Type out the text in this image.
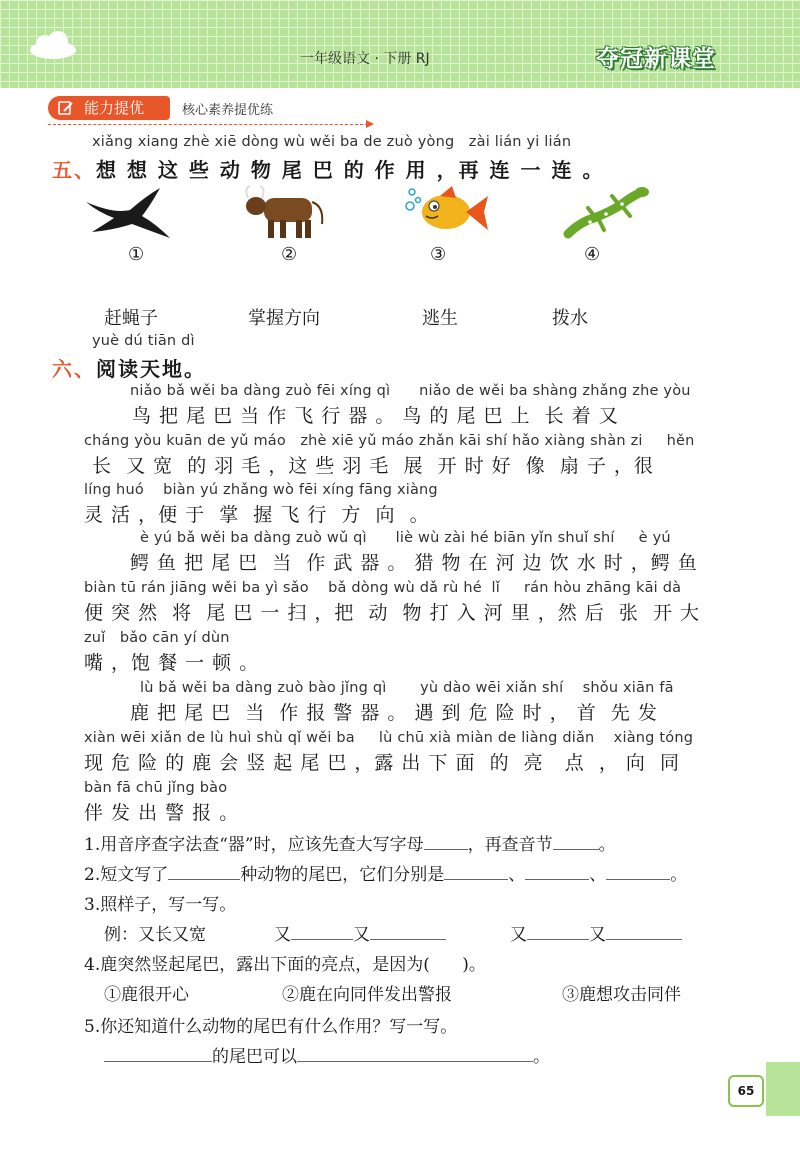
一年级语文 · 下册 RJ	夺冠新课堂
能力提优	核心素养提优练
xiǎng xiang zhè xiē dòng wù wěi ba de zuò yòng   zài lián yi lián
五、想 想 这 些 动 物 尾 巴 的 作 用 ，再 连 一 连 。
①	②	③	④
赶蝇子	掌握方向	逃生	拨水
yuè dú tiān dì
六、阅读天地。
niǎo bǎ wěi ba dàng zuò fēi xíng qì      niǎo de wěi ba shàng zhǎng zhe yòu
鸟 把 尾 巴 当 作 飞 行 器 。 鸟 的 尾 巴 上  长 着 又
cháng yòu kuān de yǔ máo   zhè xiē yǔ máo zhǎn kāi shí hǎo xiàng shàn zi     hěn
长  又 宽  的 羽 毛 ，这 些 羽 毛  展  开 时 好  像  扇 子 ，很
líng huó    biàn yú zhǎng wò fēi xíng fāng xiàng
灵 活 ，便 于  掌  握 飞 行  方  向  。
è yú bǎ wěi ba dàng zuò wǔ qì      liè wù zài hé biān yǐn shuǐ shí     è yú
鳄 鱼 把 尾 巴  当  作 武 器 。 猎 物 在 河 边 饮 水 时 ，鳄 鱼
biàn tū rán jiāng wěi ba yì sǎo    bǎ dòng wù dǎ rù hé  lǐ     rán hòu zhāng kāi dà
便 突 然  将  尾 巴 一 扫 ，把  动  物 打 入 河 里 ，然 后  张  开 大
zuǐ   bǎo cān yí dùn
嘴 ，饱 餐 一 顿 。
lù bǎ wěi ba dàng zuò bào jǐng qì       yù dào wēi xiǎn shí    shǒu xiān fā
鹿 把 尾 巴  当  作 报 警 器 。 遇 到 危 险 时 ， 首  先 发
xiàn wēi xiǎn de lù huì shù qǐ wěi ba     lù chū xià miàn de liàng diǎn    xiàng tóng
现 危 险 的 鹿 会 竖 起 尾 巴 ，露 出 下 面  的  亮   点  ， 向  同
bàn fā chū jǐng bào
伴 发 出 警 报 。
1.用音序查字法查“器”时，应该先查大写字母	，再查音节	。
2.短文写了	种动物的尾巴，它们分别是	、	、	。
3.照样子，写一写。
例：又长又宽	又	又	又	又
4.鹿突然竖起尾巴，露出下面的亮点，是因为(      )。
①鹿很开心	②鹿在向同伴发出警报	③鹿想攻击同伴
5.你还知道什么动物的尾巴有什么作用？写一写。
的尾巴可以	。
65
